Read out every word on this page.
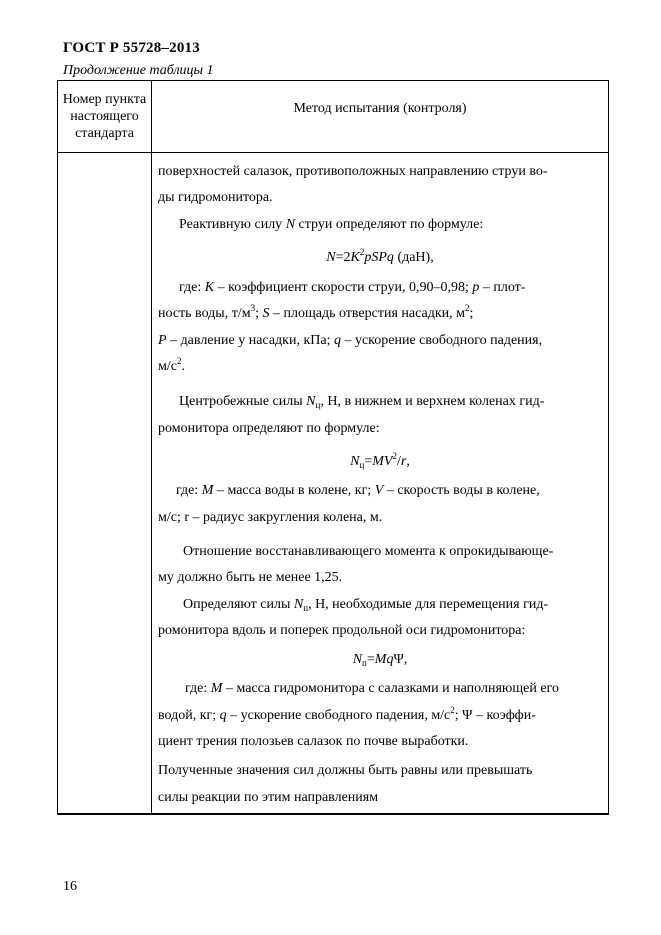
ГОСТ Р 55728–2013
Продолжение таблицы 1
Номер пункта настоящего стандарта
Метод испытания (контроля)
поверхностей салазок, противоположных направлению струи во-
ды гидромонитора.
Реактивную силу N струи определяют по формуле:
$N=2K^2pSPq$ (даН),
где: K – коэффициент скорости струи, 0,90–0,98; p – плот-
ность воды, $т/м^3$; S – площадь отверстия насадки, $м^2$;
P – давление у насадки, кПа; q – ускорение свободного падения,
$м/с^2$.
Центробежные силы $N_ц$, Н, в нижнем и верхнем коленах гид-
ромонитора определяют по формуле:
$N_ц=MV^2/r$,
где: M – масса воды в колене, кг; V – скорость воды в колене,
м/с; r – радиус закругления колена, м.
Отношение восстанавливающего момента к опрокидывающе-
му должно быть не менее 1,25.
Определяют силы $N_п$, Н, необходимые для перемещения гид-
ромонитора вдоль и поперек продольной оси гидромонитора:
$N_п=Mq\Psi$,
где: M – масса гидромонитора с салазками и наполняющей его
водой, кг; q – ускорение свободного падения, $м/с^2$; Ψ – коэффи-
циент трения полозьев салазок по почве выработки.
Полученные значения сил должны быть равны или превышать
силы реакции по этим направлениям
16
